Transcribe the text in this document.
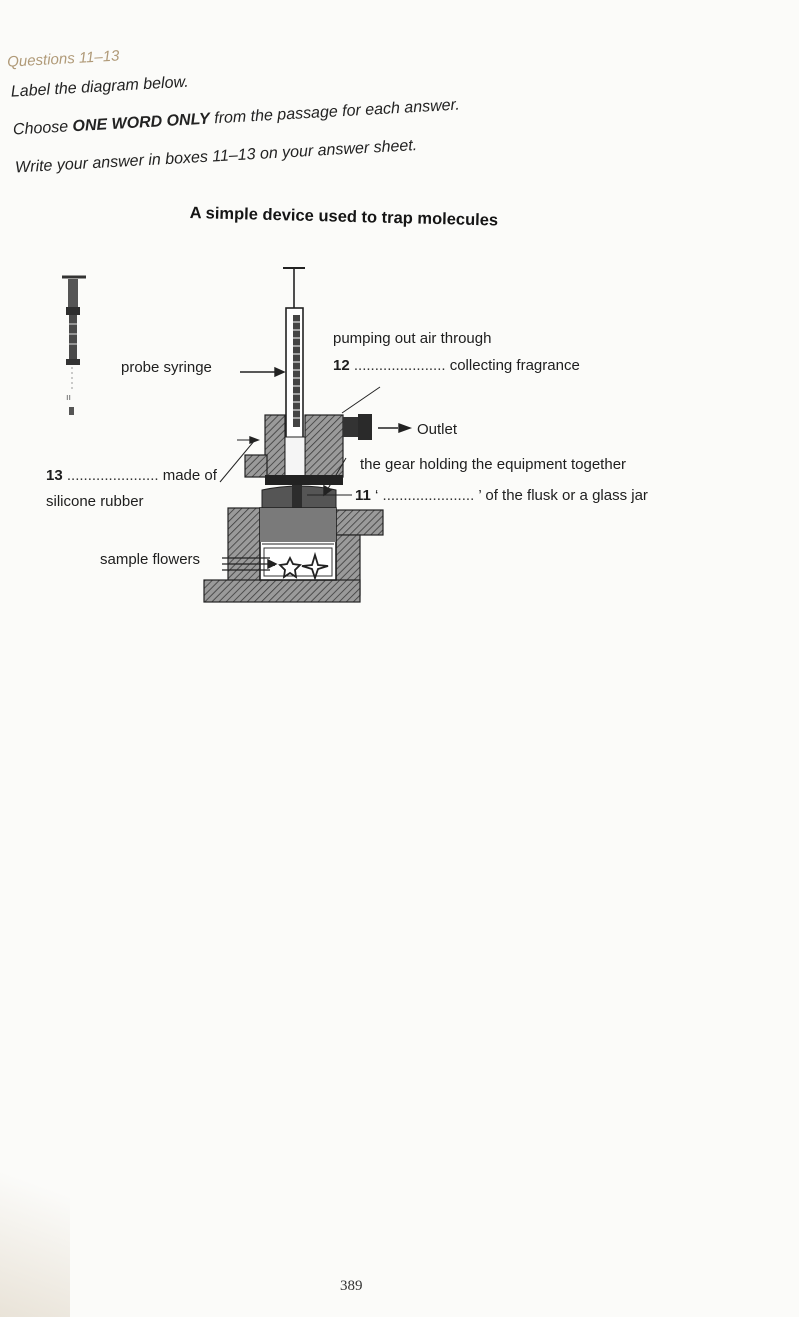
Questions 11–13
Label the diagram below.
Choose ONE WORD ONLY from the passage for each answer.
Write your answer in boxes 11–13 on your answer sheet.
A simple device used to trap molecules
ıı
probe syringe
pumping out air through
12 ...................... collecting fragrance
Outlet
the gear holding the equipment together
11 ‘ ...................... ’ of the flusk or a glass jar
13 ...................... made of
silicone rubber
sample flowers
389
